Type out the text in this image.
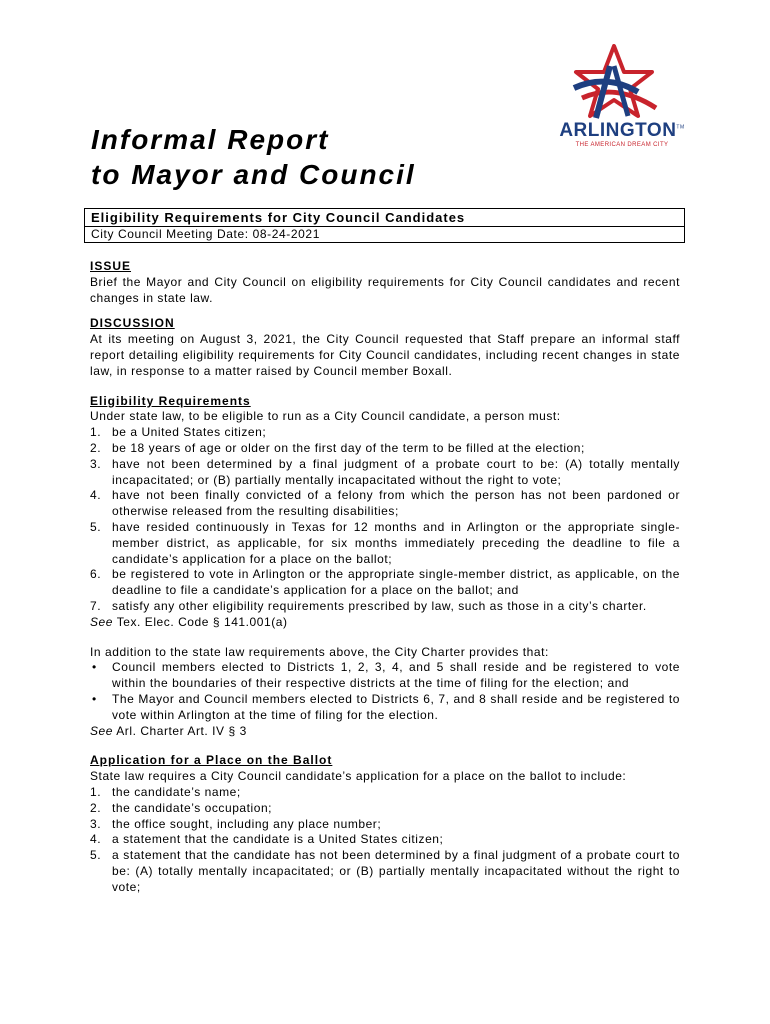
ARLINGTON™
THE AMERICAN DREAM CITY
Informal Report
to Mayor and Council
Eligibility Requirements for City Council Candidates
City Council Meeting Date: 08-24-2021
ISSUE

Brief the Mayor and City Council on eligibility requirements for City Council candidates and recent changes in state law.

DISCUSSION

At its meeting on August 3, 2021, the City Council requested that Staff prepare an informal staff report detailing eligibility requirements for City Council candidates, including recent changes in state law, in response to a matter raised by Council member Boxall.

Eligibility Requirements

Under state law, to be eligible to run as a City Council candidate, a person must:

1. be a United States citizen;
2. be 18 years of age or older on the first day of the term to be filled at the election;
3. have not been determined by a final judgment of a probate court to be: (A) totally mentally incapacitated; or (B) partially mentally incapacitated without the right to vote;
4. have not been finally convicted of a felony from which the person has not been pardoned or otherwise released from the resulting disabilities;
5. have resided continuously in Texas for 12 months and in Arlington or the appropriate single-member district, as applicable, for six months immediately preceding the deadline to file a candidate’s application for a place on the ballot;
6. be registered to vote in Arlington or the appropriate single-member district, as applicable, on the deadline to file a candidate’s application for a place on the ballot; and
7. satisfy any other eligibility requirements prescribed by law, such as those in a city’s charter.

See Tex. Elec. Code § 141.001(a)

In addition to the state law requirements above, the City Charter provides that:

• Council members elected to Districts 1, 2, 3, 4, and 5 shall reside and be registered to vote within the boundaries of their respective districts at the time of filing for the election; and
• The Mayor and Council members elected to Districts 6, 7, and 8 shall reside and be registered to vote within Arlington at the time of filing for the election.

See Arl. Charter Art. IV § 3

Application for a Place on the Ballot

State law requires a City Council candidate’s application for a place on the ballot to include:

1. the candidate’s name;
2. the candidate’s occupation;
3. the office sought, including any place number;
4. a statement that the candidate is a United States citizen;
5. a statement that the candidate has not been determined by a final judgment of a probate court to be: (A) totally mentally incapacitated; or (B) partially mentally incapacitated without the right to vote;
